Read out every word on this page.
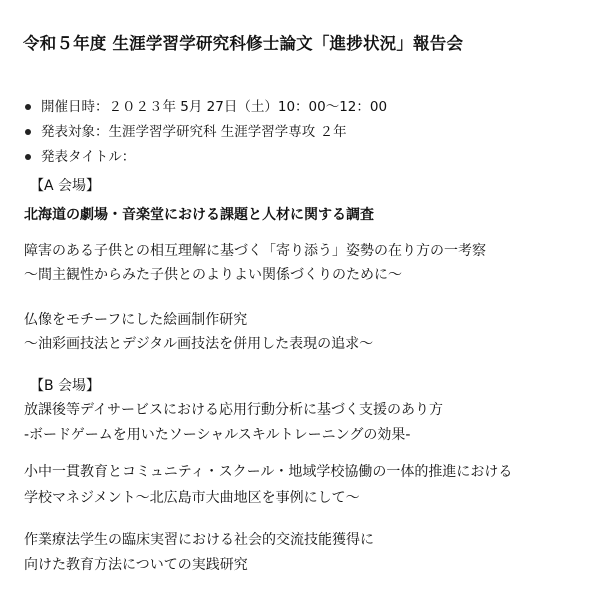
令和５年度 生涯学習学研究科修士論文「進捗状況」報告会
開催日時：２０２３年 5月 27日（土）10：00〜12：00
発表対象：生涯学習学研究科 生涯学習学専攻 ２年
発表タイトル：
【A 会場】
北海道の劇場・音楽堂における課題と人材に関する調査
障害のある子供との相互理解に基づく「寄り添う」姿勢の在り方の一考察
〜間主観性からみた子供とのよりよい関係づくりのために〜
仏像をモチーフにした絵画制作研究
〜油彩画技法とデジタル画技法を併用した表現の追求〜
【B 会場】
放課後等デイサービスにおける応用行動分析に基づく支援のあり方
-ボードゲームを用いたソーシャルスキルトレーニングの効果-
小中一貫教育とコミュニティ・スクール・地域学校協働の一体的推進における
学校マネジメント〜北広島市大曲地区を事例にして〜
作業療法学生の臨床実習における社会的交流技能獲得に
向けた教育方法についての実践研究
